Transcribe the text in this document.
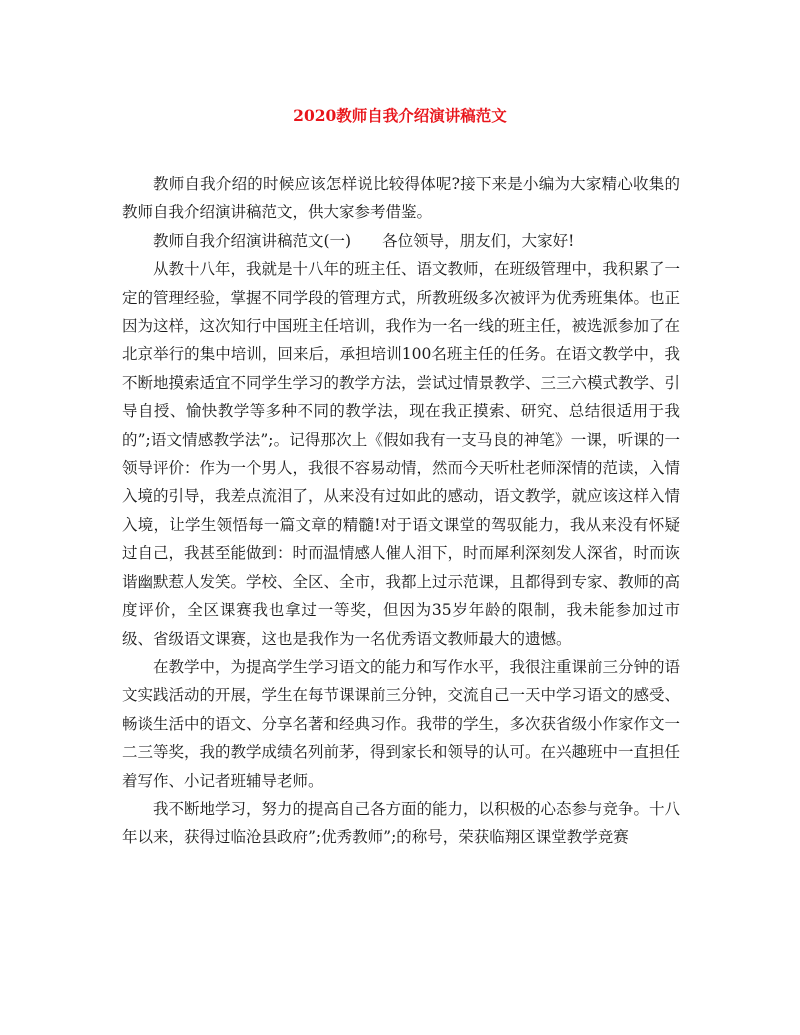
2020教师自我介绍演讲稿范文

教师自我介绍的时候应该怎样说比较得体呢?接下来是小编为大家精心收集的教师自我介绍演讲稿范文，供大家参考借鉴。

教师自我介绍演讲稿范文(一)　　各位领导，朋友们，大家好!

从教十八年，我就是十八年的班主任、语文教师，在班级管理中，我积累了一定的管理经验，掌握不同学段的管理方式，所教班级多次被评为优秀班集体。也正因为这样，这次知行中国班主任培训，我作为一名一线的班主任，被选派参加了在北京举行的集中培训，回来后，承担培训100名班主任的任务。在语文教学中，我不断地摸索适宜不同学生学习的教学方法，尝试过情景教学、三三六模式教学、引导自授、愉快教学等多种不同的教学法，现在我正摸索、研究、总结很适用于我的”;语文情感教学法”;。记得那次上《假如我有一支马良的神笔》一课，听课的一领导评价：作为一个男人，我很不容易动情，然而今天听杜老师深情的范读，入情入境的引导，我差点流泪了，从来没有过如此的感动，语文教学，就应该这样入情入境，让学生领悟每一篇文章的精髓!对于语文课堂的驾驭能力，我从来没有怀疑过自己，我甚至能做到：时而温情感人催人泪下，时而犀利深刻发人深省，时而诙谐幽默惹人发笑。学校、全区、全市，我都上过示范课，且都得到专家、教师的高度评价，全区课赛我也拿过一等奖，但因为35岁年龄的限制，我未能参加过市级、省级语文课赛，这也是我作为一名优秀语文教师最大的遗憾。

在教学中，为提高学生学习语文的能力和写作水平，我很注重课前三分钟的语文实践活动的开展，学生在每节课课前三分钟，交流自己一天中学习语文的感受、畅谈生活中的语文、分享名著和经典习作。我带的学生，多次获省级小作家作文一二三等奖，我的教学成绩名列前茅，得到家长和领导的认可。在兴趣班中一直担任着写作、小记者班辅导老师。

我不断地学习，努力的提高自己各方面的能力，以积极的心态参与竞争。十八年以来，获得过临沧县政府”;优秀教师”;的称号，荣获临翔区课堂教学竞赛
